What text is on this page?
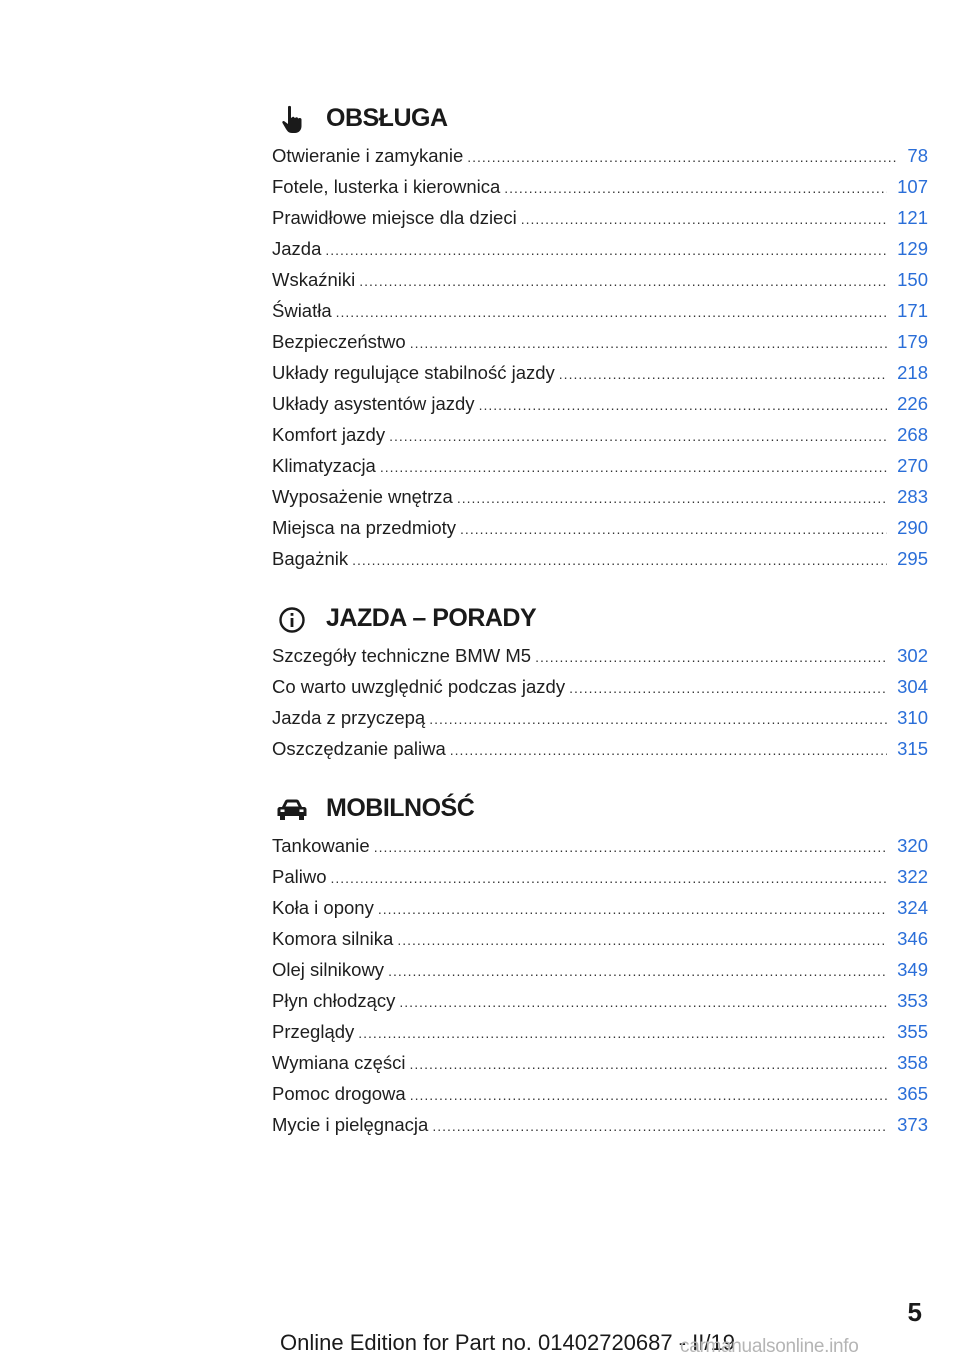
OBSŁUGA
Otwieranie i zamykanie .....	78
Fotele, lusterka i kierownica .....	107
Prawidłowe miejsce dla dzieci .....	121
Jazda .....	129
Wskaźniki .....	150
Światła .....	171
Bezpieczeństwo .....	179
Układy regulujące stabilność jazdy .....	218
Układy asystentów jazdy .....	226
Komfort jazdy .....	268
Klimatyzacja .....	270
Wyposażenie wnętrza .....	283
Miejsca na przedmioty .....	290
Bagażnik .....	295
JAZDA – PORADY
Szczegóły techniczne BMW M5 .....	302
Co warto uwzględnić podczas jazdy .....	304
Jazda z przyczepą .....	310
Oszczędzanie paliwa .....	315
MOBILNOŚĆ
Tankowanie .....	320
Paliwo .....	322
Koła i opony .....	324
Komora silnika .....	346
Olej silnikowy .....	349
Płyn chłodzący .....	353
Przeglądy .....	355
Wymiana części .....	358
Pomoc drogowa .....	365
Mycie i pielęgnacja .....	373
5
Online Edition for Part no. 01402720687 - II/19
carmanualsonline.info
